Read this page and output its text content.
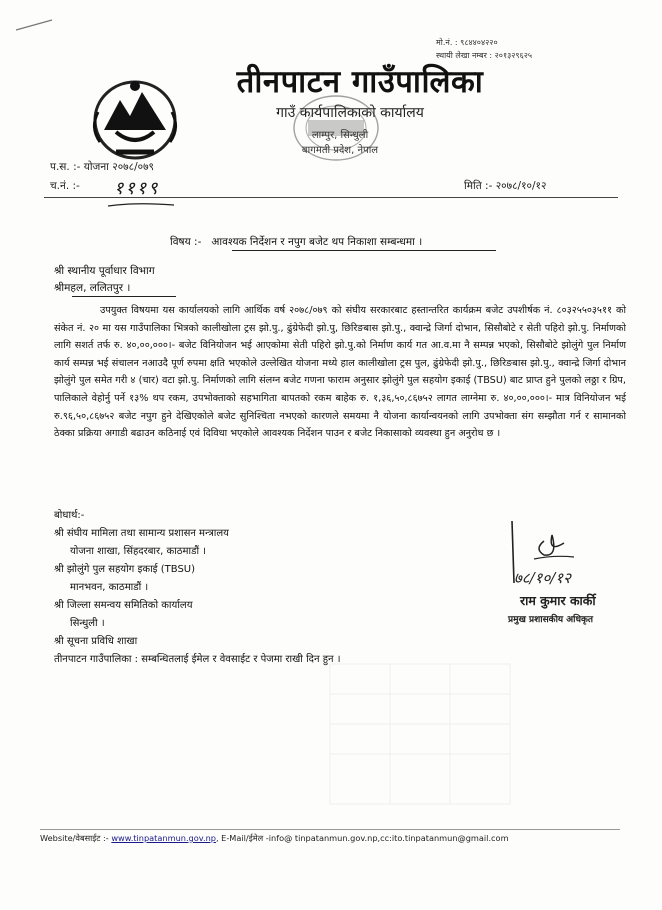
मो.नं. : ९८४४०४२२०
स्थायी लेखा नम्बर : २०१३२९६२५
तीनपाटन गाउँपालिका
गाउँ कार्यपालिकाको कार्यालय
लाम्पुर, सिन्धुली
बागमती प्रदेश, नेपाल
प.स. :- योजना २०७८/०७९
च.नं. :- १११९	मिति :- २०७८/१०/१२
विषय :- आवश्यक निर्देशन र नपुग बजेट थप निकाशा सम्बन्धमा ।
श्री स्थानीय पूर्वाधार विभाग
श्रीमहल, ललितपुर ।
उपयुक्त विषयमा यस कार्यालयको लागि आर्थिक वर्ष २०७८/०७९ को संघीय सरकारबाट हस्तान्तरित कार्यक्रम बजेट उपशीर्षक नं. ८०३२५५०३५११ को संकेत नं. २० मा यस गाउँपालिका भित्रको कालीखोला ट्रस झो.पु., ढुंग्रेफेदी झो.पु, छिरिङबास झो.पु., क्वान्द्रे जिर्गा दोभान, सिसौबोटे र सेती पहिरो झो.पु. निर्माणको लागि सशर्त तर्फ रु. ४०,००,०००।- बजेट विनियोजन भई आएकोमा सेती पहिरो झो.पु.को निर्माण कार्य गत आ.व.मा नै सम्पन्न भएको, सिसौबोटे झोलुंगे पुल निर्माण कार्य सम्पन्न भई संचालन नआउदै पूर्ण रुपमा क्षति भएकोले उल्लेखित योजना मध्ये हाल कालीखोला ट्रस पुल, ढुंग्रेफेदी झो.पु., छिरिङबास झो.पु., क्वान्द्रे जिर्गा दोभान झोलुंगे पुल समेत गरी ४ (चार) वटा झो.पु. निर्माणको लागि संलग्न बजेट गणना फाराम अनुसार झोलुंगे पुल सहयोग इकाई (TBSU) बाट प्राप्त हुने पुलको लठ्ठा र ग्रिप, पालिकाले वेहोर्नु पर्ने १३% थप रकम, उपभोक्ताको सहभागिता बापतको रकम बाहेक रु. १,३६,५०,८६७५२ लागत लाग्नेमा रु. ४०,००,०००।- मात्र विनियोजन भई रु.९६,५०,८६७५२ बजेट नपुग हुने देखिएकोले बजेट सुनिश्चिता नभएको कारणले समयमा नै योजना कार्यान्वयनको लागि उपभोक्ता संग सम्झौता गर्न र सामानको ठेक्का प्रक्रिया अगाडी बढाउन कठिनाई एवं दिविधा भएकोले आवश्यक निर्देशन पाउन र बजेट निकासाको व्यवस्था हुन अनुरोध छ ।
बोधार्थ:-
श्री संघीय मामिला तथा सामान्य प्रशासन मन्त्रालय
योजना शाखा, सिंहदरबार, काठमाडौं ।
श्री झोलुंगे पुल सहयोग इकाई (TBSU)
मानभवन, काठमाडौं ।
श्री जिल्ला समन्वय समितिको कार्यालय
सिन्धुली ।
श्री सूचना प्रविधि शाखा
तीनपाटन गाउँपालिका : सम्बन्धितलाई ईमेल र वेवसाईट र पेजमा राखी दिन हुन ।
७८/१०/१२
राम कुमार कार्की
प्रमुख प्रशासकीय अधिकृत
Website/वेबसाईट :- www.tinpatanmun.gov.np, E-Mail/ईमेल -info@ tinpatanmun.gov.np,cc:ito.tinpatanmun@gmail.com
